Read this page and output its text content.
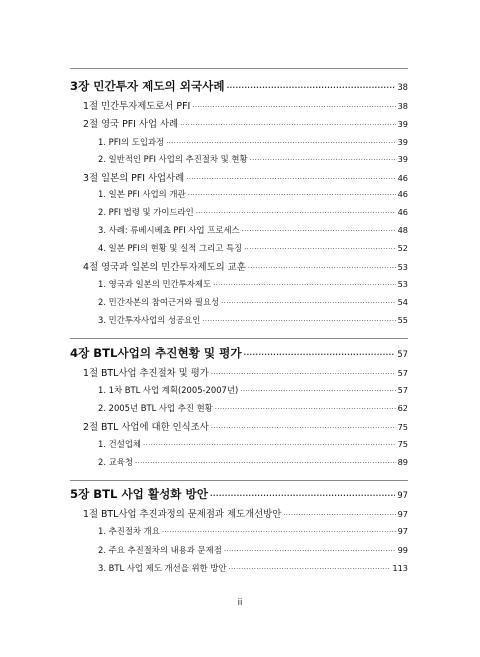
3장 민간투자 제도의 외국사례 ·····	38
1절 민간투자제도로서 PFI ·····	38
2절 영국 PFI 사업 사례 ·····	39
1. PFI의 도입과정 ·····	39
2. 일반적인 PFI 사업의 추진절차 및 현황 ·····	39
3절 일본의 PFI 사업사례 ·····	46
1. 일본 PFI 사업의 개관 ·····	46
2. PFI 법령 및 가이드라인 ·····	46
3. 사례: 류베시베쵸 PFI 사업 프로세스 ·····	48
4. 일본 PFI의 현황 및 실적 그리고 특징 ·····	52
4절 영국과 일본의 민간투자제도의 교훈 ·····	53
1. 영국과 일본의 민간투자제도 ·····	53
2. 민간자본의 참여근거와 필요성 ·····	54
3. 민간투자사업의 성공요인 ·····	55
4장 BTL사업의 추진현황 및 평가 ·····	57
1절 BTL사업 추진절차 및 평가 ·····	57
1. 1차 BTL 사업 계획(2005-2007년) ·····	57
2. 2005년 BTL 사업 추진 현황 ·····	62
2절 BTL 사업에 대한 인식조사 ·····	75
1. 건설업체 ·····	75
2. 교육청 ·····	89
5장 BTL 사업 활성화 방안 ·····	97
1절 BTL사업 추진과정의 문제점과 제도개선방안 ·····	97
1. 추진절차 개요 ·····	97
2. 주요 추진절차의 내용과 문제점 ·····	99
3. BTL 사업 제도 개선을 위한 방안 ·····	113
ii
